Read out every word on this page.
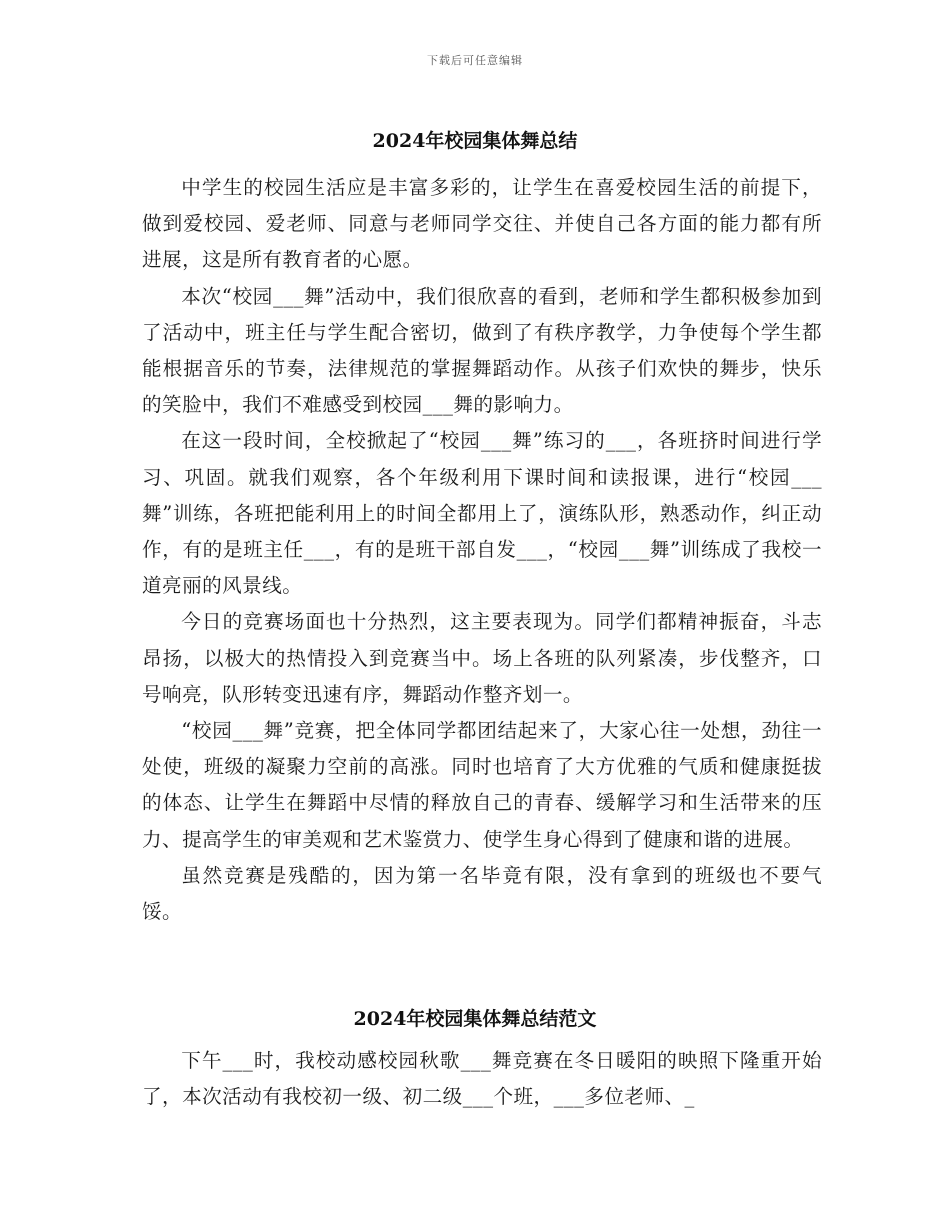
下载后可任意编辑
2024年校园集体舞总结

中学生的校园生活应是丰富多彩的，让学生在喜爱校园生活的前提下，做到爱校园、爱老师、同意与老师同学交往、并使自己各方面的能力都有所进展，这是所有教育者的心愿。

本次“校园___舞”活动中，我们很欣喜的看到，老师和学生都积极参加到了活动中，班主任与学生配合密切，做到了有秩序教学，力争使每个学生都能根据音乐的节奏，法律规范的掌握舞蹈动作。从孩子们欢快的舞步，快乐的笑脸中，我们不难感受到校园___舞的影响力。

在这一段时间，全校掀起了“校园___舞”练习的___，各班挤时间进行学习、巩固。就我们观察，各个年级利用下课时间和读报课，进行“校园___舞”训练，各班把能利用上的时间全都用上了，演练队形，熟悉动作，纠正动作，有的是班主任___，有的是班干部自发___，“校园___舞”训练成了我校一道亮丽的风景线。

今日的竞赛场面也十分热烈，这主要表现为。同学们都精神振奋，斗志昂扬，以极大的热情投入到竞赛当中。场上各班的队列紧凑，步伐整齐，口号响亮，队形转变迅速有序，舞蹈动作整齐划一。

“校园___舞”竞赛，把全体同学都团结起来了，大家心往一处想，劲往一处使，班级的凝聚力空前的高涨。同时也培育了大方优雅的气质和健康挺拔的体态、让学生在舞蹈中尽情的释放自己的青春、缓解学习和生活带来的压力、提高学生的审美观和艺术鉴赏力、使学生身心得到了健康和谐的进展。

虽然竞赛是残酷的，因为第一名毕竟有限，没有拿到的班级也不要气馁。

2024年校园集体舞总结范文

下午___时，我校动感校园秋歌___舞竞赛在冬日暖阳的映照下隆重开始了，本次活动有我校初一级、初二级___个班，___多位老师、_
